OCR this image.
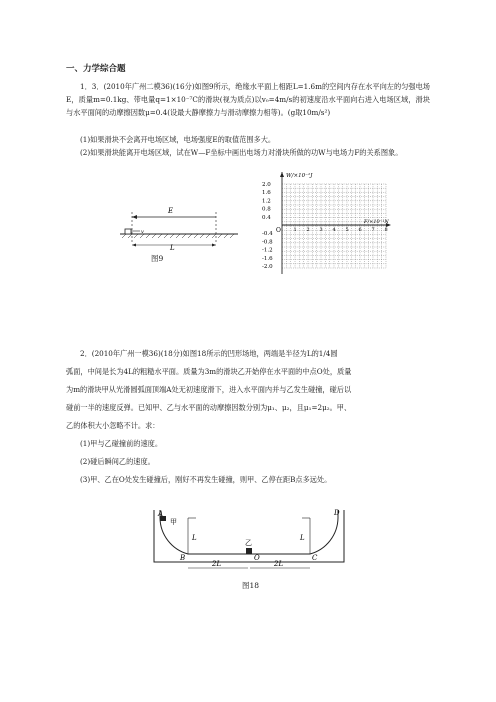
一、力学综合题
1．3．(2010年广州二模36)(16分)如图9所示，绝缘水平面上相距L=1.6m的空间内存在水平向左的匀强电场E，质量m=0.1kg、带电量q=1×10⁻⁷C的滑块(视为质点)以v₀=4m/s的初速度沿水平面向右进入电场区域，滑块与水平面间的动摩擦因数μ=0.4(设最大静摩擦力与滑动摩擦力相等)。(g取10m/s²)
(1)如果滑块不会离开电场区域，电场强度E的取值范围多大。
(2)如果滑块能离开电场区域，试在W—F坐标中画出电场力对滑块所做的功W与电场力F的关系图象。
E
v
L
图9
2.0
1.6
1.2
0.8
0.4
-0.4
-0.8
-1.2
-1.6
-2.0
1 2 3 4 5 6 7 8
W/×10⁻¹J
F/×10⁻¹N
O
2．(2010年广州一模36)(18分)如图18所示的凹形场地，两端是半径为L的1/4圆
弧面，中间是长为4L的粗糙水平面。质量为3m的滑块乙开始停在水平面的中点O处，质量
为m的滑块甲从光滑圆弧面顶端A处无初速度滑下，进入水平面内并与乙发生碰撞，碰后以
碰前一半的速度反弹。已知甲、乙与水平面的动摩擦因数分别为μ₁、μ₂，且μ₁=2μ₂。甲、
乙的体积大小忽略不计。求：
(1)甲与乙碰撞前的速度。
(2)碰后瞬间乙的速度。
(3)甲、乙在O处发生碰撞后，刚好不再发生碰撞，则甲、乙停在距B点多远处。
A
甲
D
B	C
O
乙
L	L
2L	2L
图18
